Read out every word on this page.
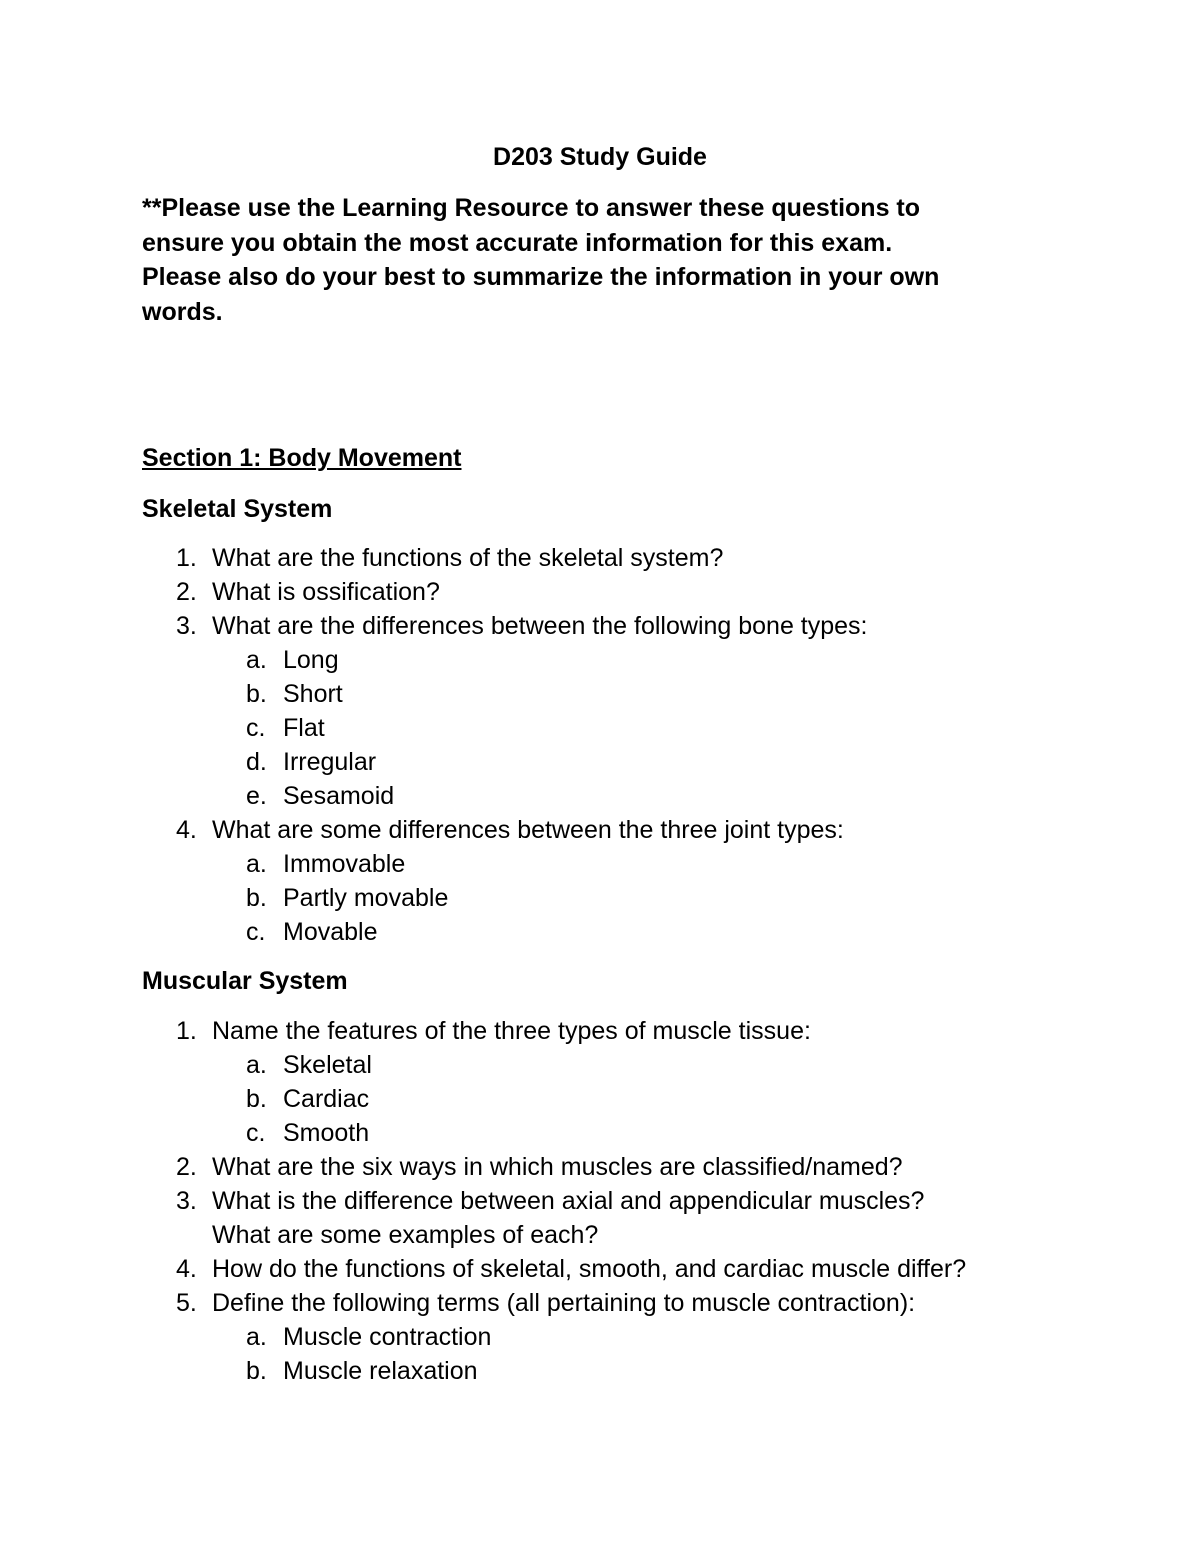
D203 Study Guide
**Please use the Learning Resource to answer these questions to
ensure you obtain the most accurate information for this exam.
Please also do your best to summarize the information in your own
words.
Section 1: Body Movement
Skeletal System
1. What are the functions of the skeletal system?
2. What is ossification?
3. What are the differences between the following bone types:
a. Long
b. Short
c. Flat
d. Irregular
e. Sesamoid
4. What are some differences between the three joint types:
a. Immovable
b. Partly movable
c. Movable
Muscular System
1. Name the features of the three types of muscle tissue:
a. Skeletal
b. Cardiac
c. Smooth
2. What are the six ways in which muscles are classified/named?
3. What is the difference between axial and appendicular muscles?
What are some examples of each?
4. How do the functions of skeletal, smooth, and cardiac muscle differ?
5. Define the following terms (all pertaining to muscle contraction):
a. Muscle contraction
b. Muscle relaxation
